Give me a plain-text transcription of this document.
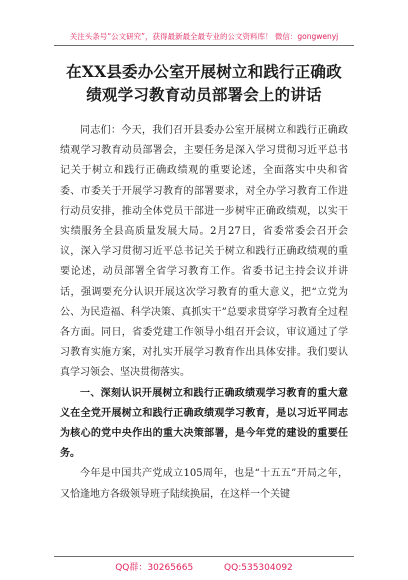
关注头条号“公文研究”，获得最新最全最专业的公文资料库！ 微信：gongwenyj
在XX县委办公室开展树立和践行正确政
绩观学习教育动员部署会上的讲话

同志们：今天，我们召开县委办公室开展树立和践行正确政绩观学习教育动员部署会，主要任务是深入学习贯彻习近平总书记关于树立和践行正确政绩观的重要论述，全面落实中央和省委、市委关于开展学习教育的部署要求，对全办学习教育工作进行动员安排，推动全体党员干部进一步树牢正确政绩观，以实干实绩服务全县高质量发展大局。2月27日，省委常委会召开会议，深入学习贯彻习近平总书记关于树立和践行正确政绩观的重要论述，动员部署全省学习教育工作。省委书记主持会议并讲话，强调要充分认识开展这次学习教育的重大意义，把“立党为公、为民造福、科学决策、真抓实干”总要求贯穿学习教育全过程各方面。同日，省委党建工作领导小组召开会议，审议通过了学习教育实施方案，对扎实开展学习教育作出具体安排。我们要认真学习领会、坚决贯彻落实。

一、深刻认识开展树立和践行正确政绩观学习教育的重大意义在全党开展树立和践行正确政绩观学习教育，是以习近平同志为核心的党中央作出的重大决策部署，是今年党的建设的重要任务。

今年是中国共产党成立105周年，也是“十五五”开局之年，又恰逢地方各级领导班子陆续换届，在这样一个关键

QQ群：30265665	QQ:535304092
